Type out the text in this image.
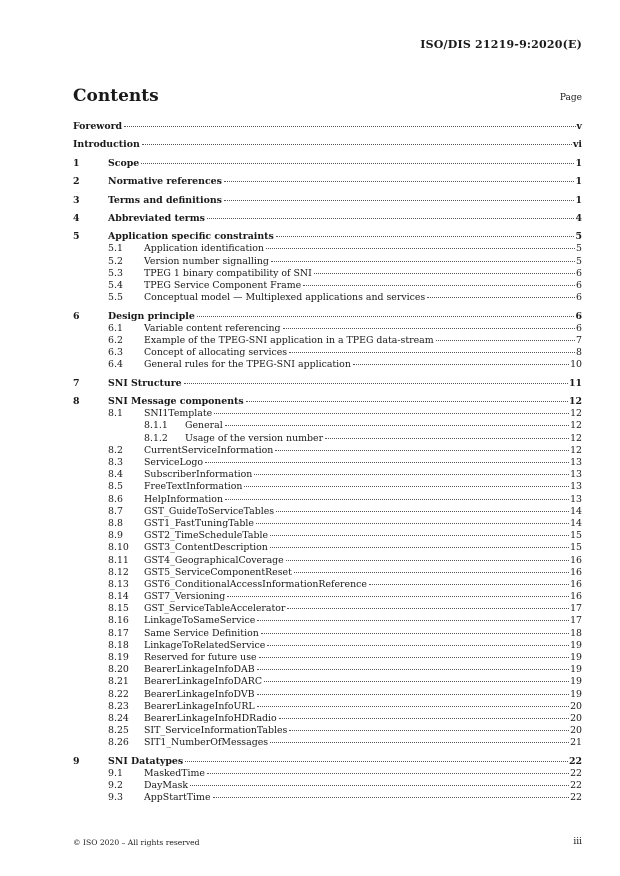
ISO/DIS 21219-9:2020(E)
Contents	Page
Foreword	v
Introduction	vi
1	Scope	1
2	Normative references	1
3	Terms and definitions	1
4	Abbreviated terms	4
5	Application specific constraints	5
5.1 Application identification	5
5.2 Version number signalling	5
5.3 TPEG 1 binary compatibility of SNI	6
5.4 TPEG Service Component Frame	6
5.5 Conceptual model — Multiplexed applications and services	6
6	Design principle	6
6.1 Variable content referencing	6
6.2 Example of the TPEG-SNI application in a TPEG data-stream	7
6.3 Concept of allocating services	8
6.4 General rules for the TPEG-SNI application	10
7	SNI Structure	11
8	SNI Message components	12
8.1 SNI1Template	12
8.1.1 General	12
8.1.2 Usage of the version number	12
8.2 CurrentServiceInformation	12
8.3 ServiceLogo	13
8.4 SubscriberInformation	13
8.5 FreeTextInformation	13
8.6 HelpInformation	13
8.7 GST_GuideToServiceTables	14
8.8 GST1_FastTuningTable	14
8.9 GST2_TimeScheduleTable	15
8.10 GST3_ContentDescription	15
8.11 GST4_GeographicalCoverage	16
8.12 GST5_ServiceComponentReset	16
8.13 GST6_ConditionalAccessInformationReference	16
8.14 GST7_Versioning	16
8.15 GST_ServiceTableAccelerator	17
8.16 LinkageToSameService	17
8.17 Same Service Definition	18
8.18 LinkageToRelatedService	19
8.19 Reserved for future use	19
8.20 BearerLinkageInfoDAB	19
8.21 BearerLinkageInfoDARC	19
8.22 BearerLinkageInfoDVB	19
8.23 BearerLinkageInfoURL	20
8.24 BearerLinkageInfoHDRadio	20
8.25 SIT_ServiceInformationTables	20
8.26 SIT1_NumberOfMessages	21
9	SNI Datatypes	22
9.1 MaskedTime	22
9.2 DayMask	22
9.3 AppStartTime	22
© ISO 2020 – All rights reserved	iii
